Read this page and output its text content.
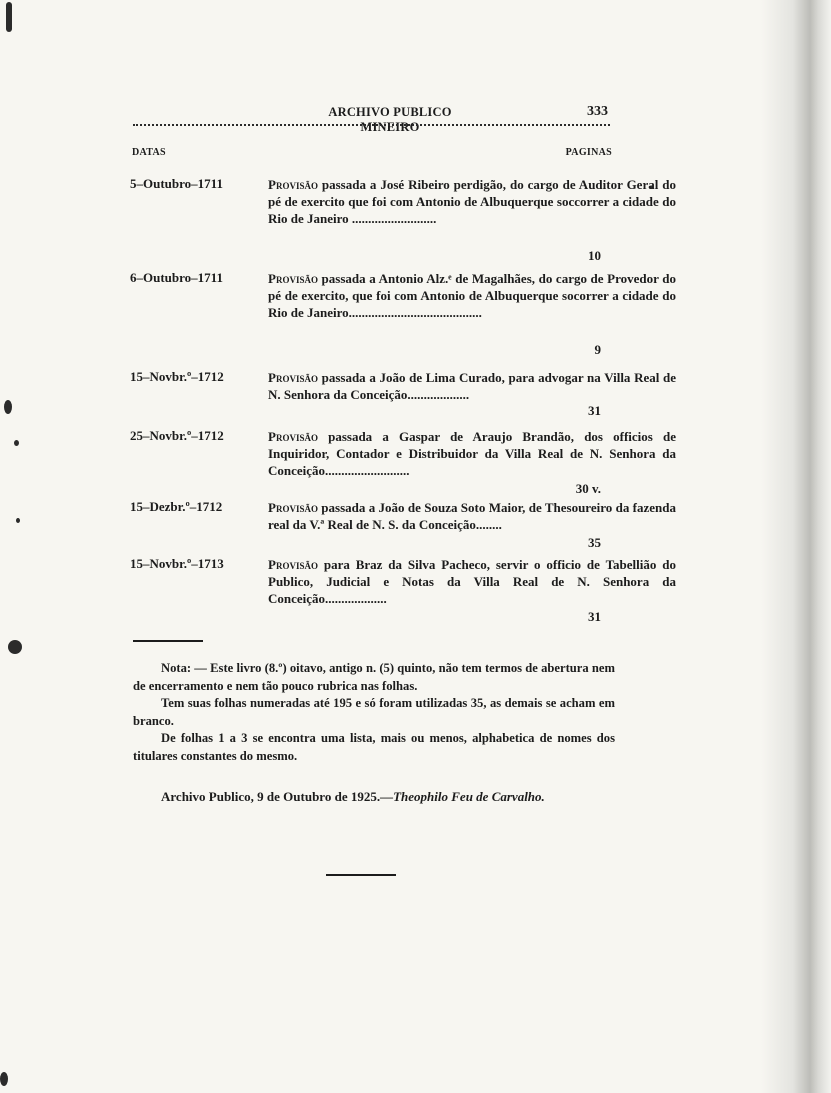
ARCHIVO PUBLICO MINEIRO
333
DATAS	PAGINAS
5–Outubro–1711	Provisão passada a José Ribeiro perdigão, do cargo de Auditor Geral do pé de exercito que foi com Antonio de Albuquerque soccorrer a cidade do Rio de Janeiro ..........................
10
6–Outubro–1711	Provisão passada a Antonio Alz.ᵉ de Magalhães, do cargo de Provedor do pé de exercito, que foi com Antonio de Albuquerque socorrer a cidade do Rio de Janeiro.........................................
9
15–Novbr.º–1712	Provisão passada a João de Lima Curado, para advogar na Villa Real de N. Senhora da Conceição...................
31
25–Novbr.º–1712	Provisão passada a Gaspar de Araujo Brandão, dos officios de Inquiridor, Contador e Distribuidor da Villa Real de N. Senhora da Conceição..........................
30 v.
15–Dezbr.º–1712	Provisão passada a João de Souza Soto Maior, de Thesoureiro da fazenda real da V.ª Real de N. S. da Conceição........
35
15–Novbr.º–1713	Provisão para Braz da Silva Pacheco, servir o officio de Tabellião do Publico, Judicial e Notas da Villa Real de N. Senhora da Conceição...................
31

Nota: — Este livro (8.º) oitavo, antigo n. (5) quinto, não tem termos de abertura nem de encerramento e nem tão pouco rubrica nas folhas.

Tem suas folhas numeradas até 195 e só foram utilizadas 35, as demais se acham em branco.

De folhas 1 a 3 se encontra uma lista, mais ou menos, alphabetica de nomes dos titulares constantes do mesmo.

Archivo Publico, 9 de Outubro de 1925.—Theophilo Feu de Carvalho.
